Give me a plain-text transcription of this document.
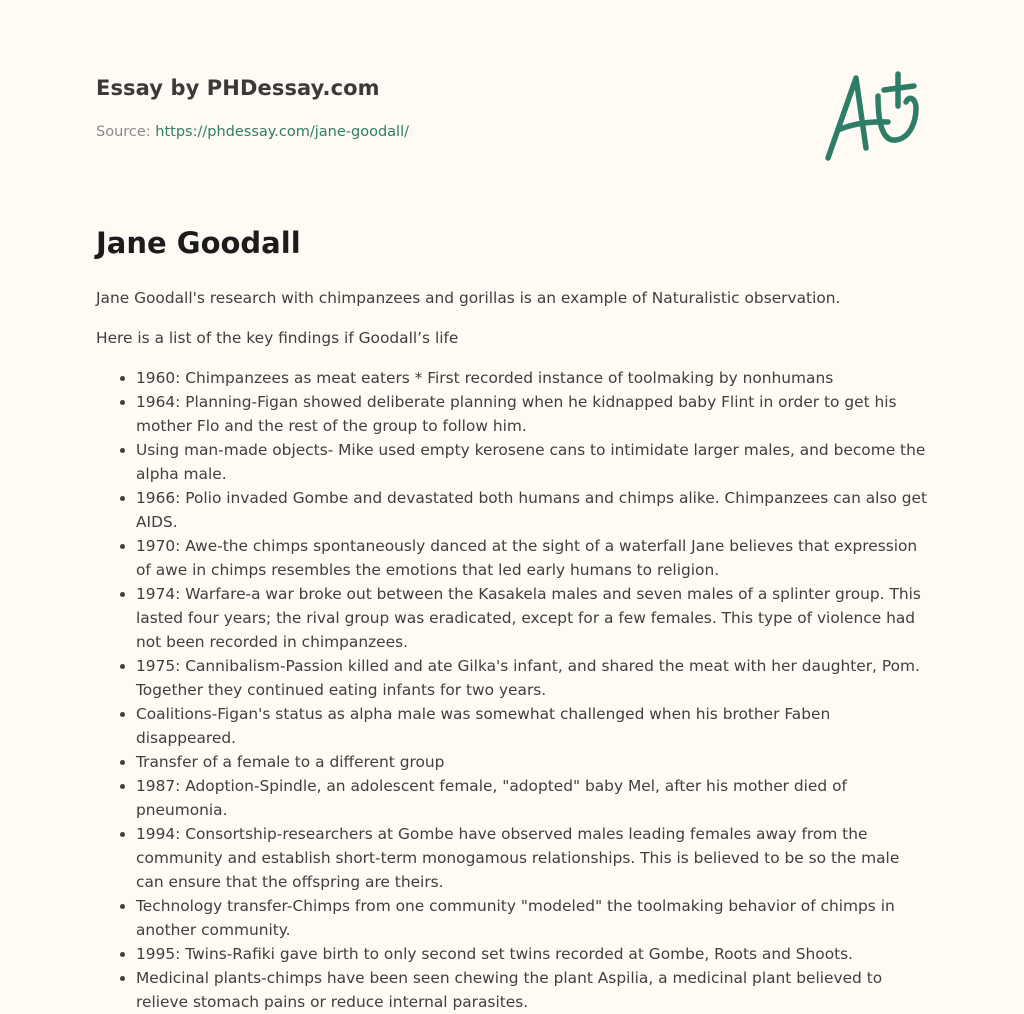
Essay by PHDessay.com
Source: https://phdessay.com/jane-goodall/
Jane Goodall

Jane Goodall's research with chimpanzees and gorillas is an example of Naturalistic observation.

Here is a list of the key findings if Goodall’s life

• 1960: Chimpanzees as meat eaters * First recorded instance of toolmaking by nonhumans
• 1964: Planning-Figan showed deliberate planning when he kidnapped baby Flint in order to get his mother Flo and the rest of the group to follow him.
• Using man-made objects- Mike used empty kerosene cans to intimidate larger males, and become the alpha male.
• 1966: Polio invaded Gombe and devastated both humans and chimps alike. Chimpanzees can also get AIDS.
• 1970: Awe-the chimps spontaneously danced at the sight of a waterfall Jane believes that expression of awe in chimps resembles the emotions that led early humans to religion.
• 1974: Warfare-a war broke out between the Kasakela males and seven males of a splinter group. This lasted four years; the rival group was eradicated, except for a few females. This type of violence had not been recorded in chimpanzees.
• 1975: Cannibalism-Passion killed and ate Gilka's infant, and shared the meat with her daughter, Pom. Together they continued eating infants for two years.
• Coalitions-Figan's status as alpha male was somewhat challenged when his brother Faben disappeared.
• Transfer of a female to a different group
• 1987: Adoption-Spindle, an adolescent female, "adopted" baby Mel, after his mother died of pneumonia.
• 1994: Consortship-researchers at Gombe have observed males leading females away from the community and establish short-term monogamous relationships. This is believed to be so the male can ensure that the offspring are theirs.
• Technology transfer-Chimps from one community "modeled" the toolmaking behavior of chimps in another community.
• 1995: Twins-Rafiki gave birth to only second set twins recorded at Gombe, Roots and Shoots.
• Medicinal plants-chimps have been seen chewing the plant Aspilia, a medicinal plant believed to relieve stomach pains or reduce internal parasites.
